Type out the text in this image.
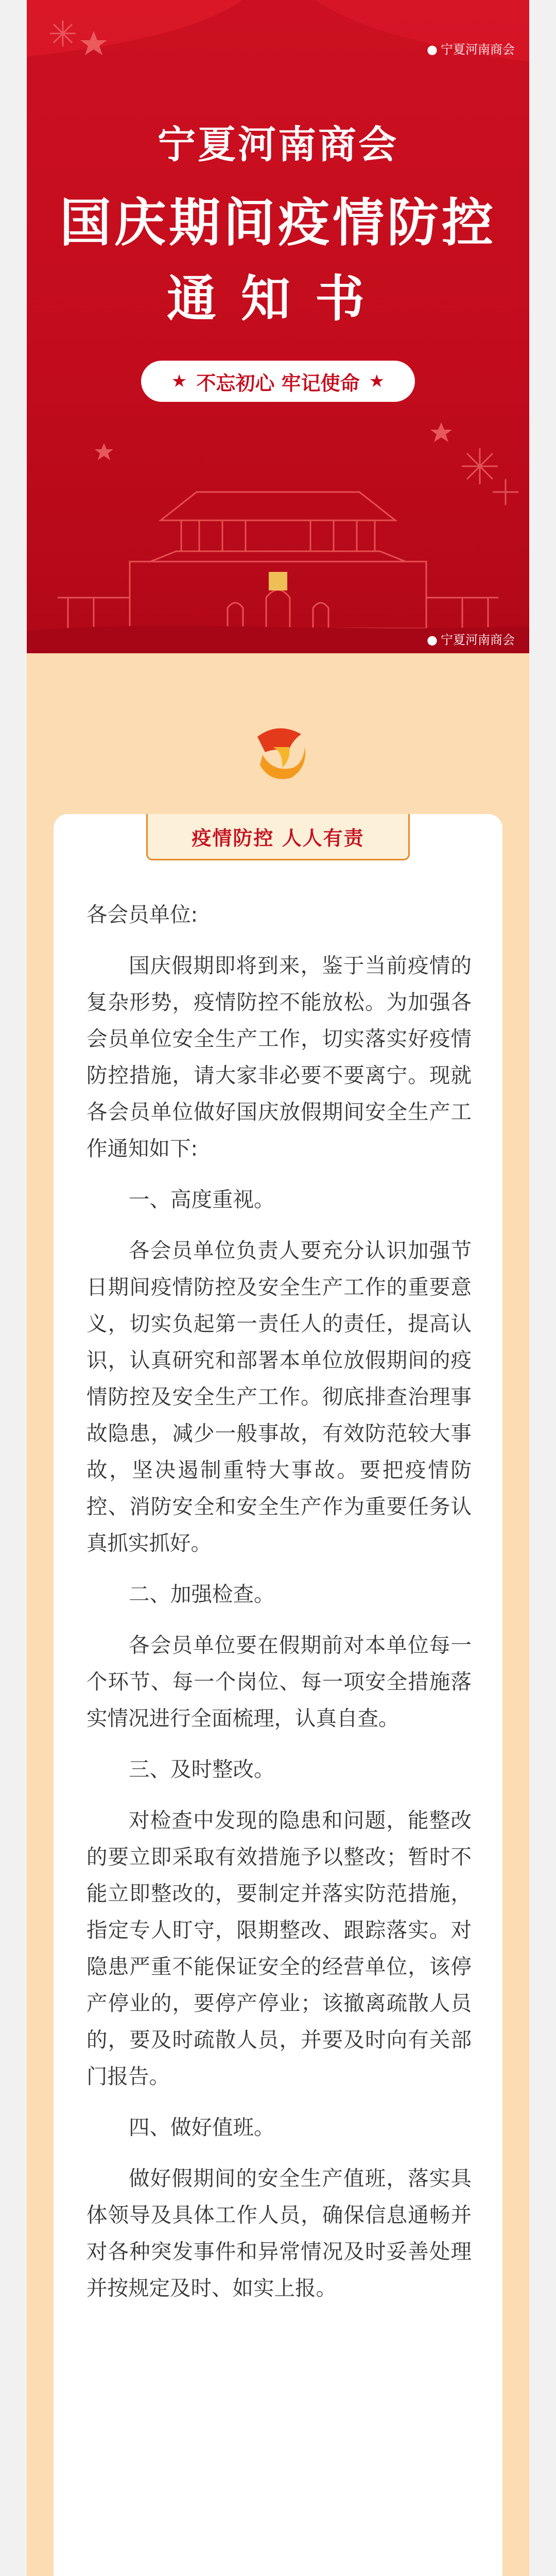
● 宁夏河南商会
宁夏河南商会
国庆期间疫情防控
通知书
★ 不忘初心 牢记使命 ★
● 宁夏河南商会
疫情防控 人人有责

各会员单位:

国庆假期即将到来，鉴于当前疫情的复杂形势，疫情防控不能放松。为加强各会员单位安全生产工作，切实落实好疫情防控措施，请大家非必要不要离宁。现就各会员单位做好国庆放假期间安全生产工作通知如下:

一、高度重视。

各会员单位负责人要充分认识加强节日期间疫情防控及安全生产工作的重要意义，切实负起第一责任人的责任，提高认识，认真研究和部署本单位放假期间的疫情防控及安全生产工作。彻底排查治理事故隐患，减少一般事故，有效防范较大事故，坚决遏制重特大事故。要把疫情防控、消防安全和安全生产作为重要任务认真抓实抓好。

二、加强检查。

各会员单位要在假期前对本单位每一个环节、每一个岗位、每一项安全措施落实情况进行全面梳理，认真自查。

三、及时整改。

对检查中发现的隐患和问题，能整改的要立即采取有效措施予以整改；暂时不能立即整改的，要制定并落实防范措施，指定专人盯守，限期整改、跟踪落实。对隐患严重不能保证安全的经营单位，该停产停业的，要停产停业；该撤离疏散人员的，要及时疏散人员，并要及时向有关部门报告。

四、做好值班。

做好假期间的安全生产值班，落实具体领导及具体工作人员，确保信息通畅并对各种突发事件和异常情况及时妥善处理并按规定及时、如实上报。
